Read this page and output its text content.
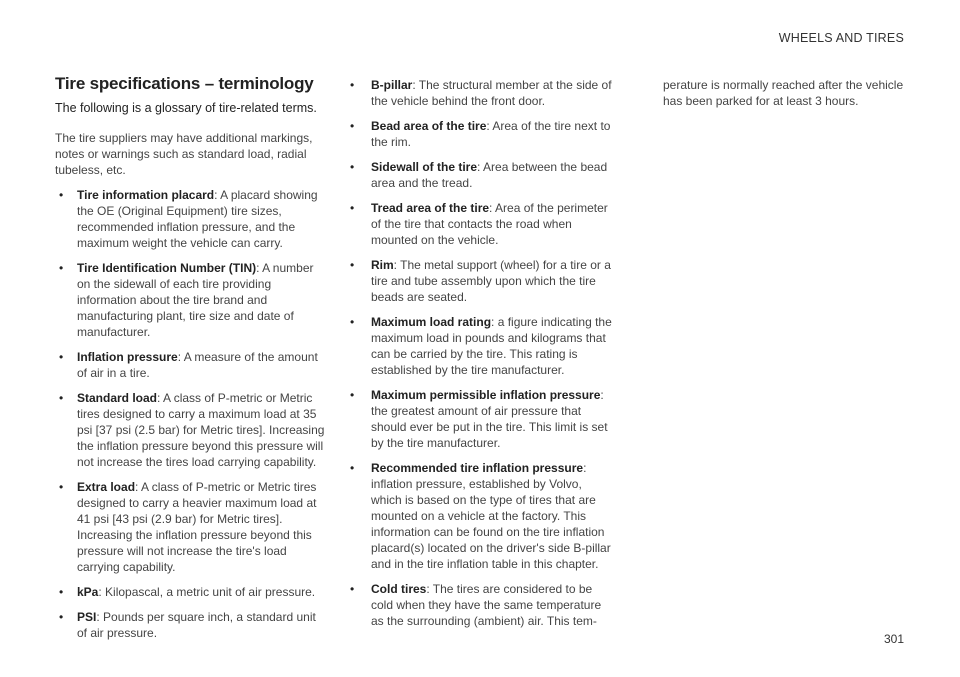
WHEELS AND TIRES
Tire specifications – terminology

The following is a glossary of tire-related terms.

The tire suppliers may have additional markings, notes or warnings such as standard load, radial tubeless, etc.

• Tire information placard: A placard showing the OE (Original Equipment) tire sizes, recommended inflation pressure, and the maximum weight the vehicle can carry.
• Tire Identification Number (TIN): A number on the sidewall of each tire providing information about the tire brand and manufacturing plant, tire size and date of manufacturer.
• Inflation pressure: A measure of the amount of air in a tire.
• Standard load: A class of P-metric or Metric tires designed to carry a maximum load at 35 psi [37 psi (2.5 bar) for Metric tires]. Increasing the inflation pressure beyond this pressure will not increase the tires load carrying capability.
• Extra load: A class of P-metric or Metric tires designed to carry a heavier maximum load at 41 psi [43 psi (2.9 bar) for Metric tires]. Increasing the inflation pressure beyond this pressure will not increase the tire's load carrying capability.
• kPa: Kilopascal, a metric unit of air pressure.
• PSI: Pounds per square inch, a standard unit of air pressure.
• B-pillar: The structural member at the side of the vehicle behind the front door.
• Bead area of the tire: Area of the tire next to the rim.
• Sidewall of the tire: Area between the bead area and the tread.
• Tread area of the tire: Area of the perimeter of the tire that contacts the road when mounted on the vehicle.
• Rim: The metal support (wheel) for a tire or a tire and tube assembly upon which the tire beads are seated.
• Maximum load rating: a figure indicating the maximum load in pounds and kilograms that can be carried by the tire. This rating is established by the tire manufacturer.
• Maximum permissible inflation pressure: the greatest amount of air pressure that should ever be put in the tire. This limit is set by the tire manufacturer.
• Recommended tire inflation pressure: inflation pressure, established by Volvo, which is based on the type of tires that are mounted on a vehicle at the factory. This information can be found on the tire inflation placard(s) located on the driver's side B-pillar and in the tire inflation table in this chapter.
• Cold tires: The tires are considered to be cold when they have the same temperature as the surrounding (ambient) air. This tem-

perature is normally reached after the vehicle has been parked for at least 3 hours.

301
